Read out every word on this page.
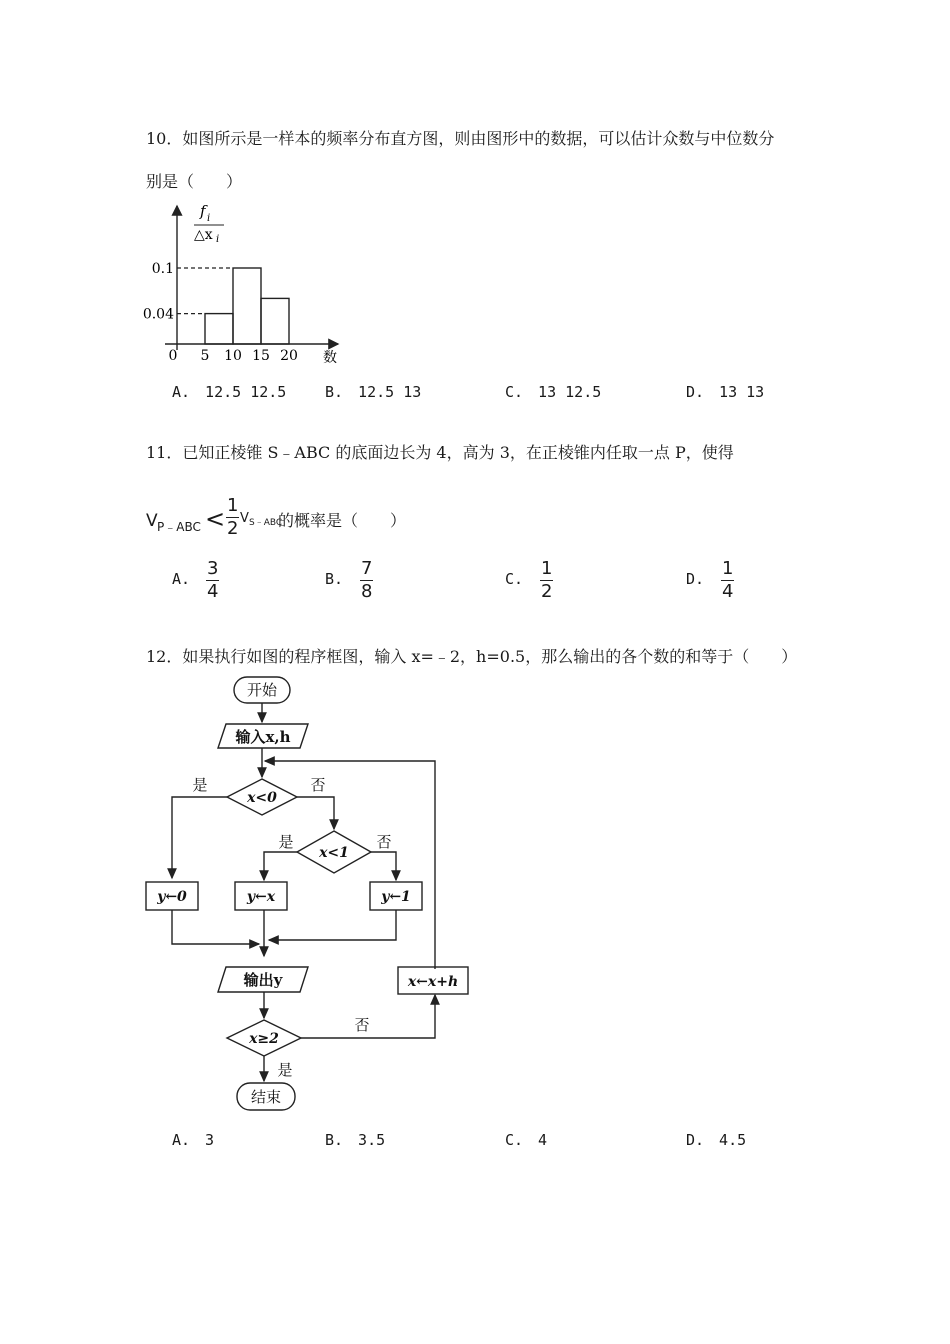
10．如图所示是一样本的频率分布直方图，则由图形中的数据，可以估计众数与中位数分
别是（　　）
0.1
0.04
5 10 15 20
0	数
f i
△x i
A.　12.5 12.5	B.　12.5 13	C.　13 12.5	D.　13 13
11．已知正棱锥 S﹣ABC 的底面边长为 4，高为 3，在正棱锥内任取一点 P，使得
V P﹣ABC < $\frac{1}{2}$ V S﹣ABC
的概率是（　　）
A. $\frac{3}{4}$	B. $\frac{7}{8}$	C. $\frac{1}{2}$	D. $\frac{1}{4}$
12．如果执行如图的程序框图，输入 x=﹣2，h=0.5，那么输出的各个数的和等于（　　）
开始
输入x,h
x<0
x<1
y←0	y←x	y←1
输出y
x≥2
x←x+h
结束
是	否
是	否
否
是
A.　3	B.　3.5	C.　4	D.　4.5
